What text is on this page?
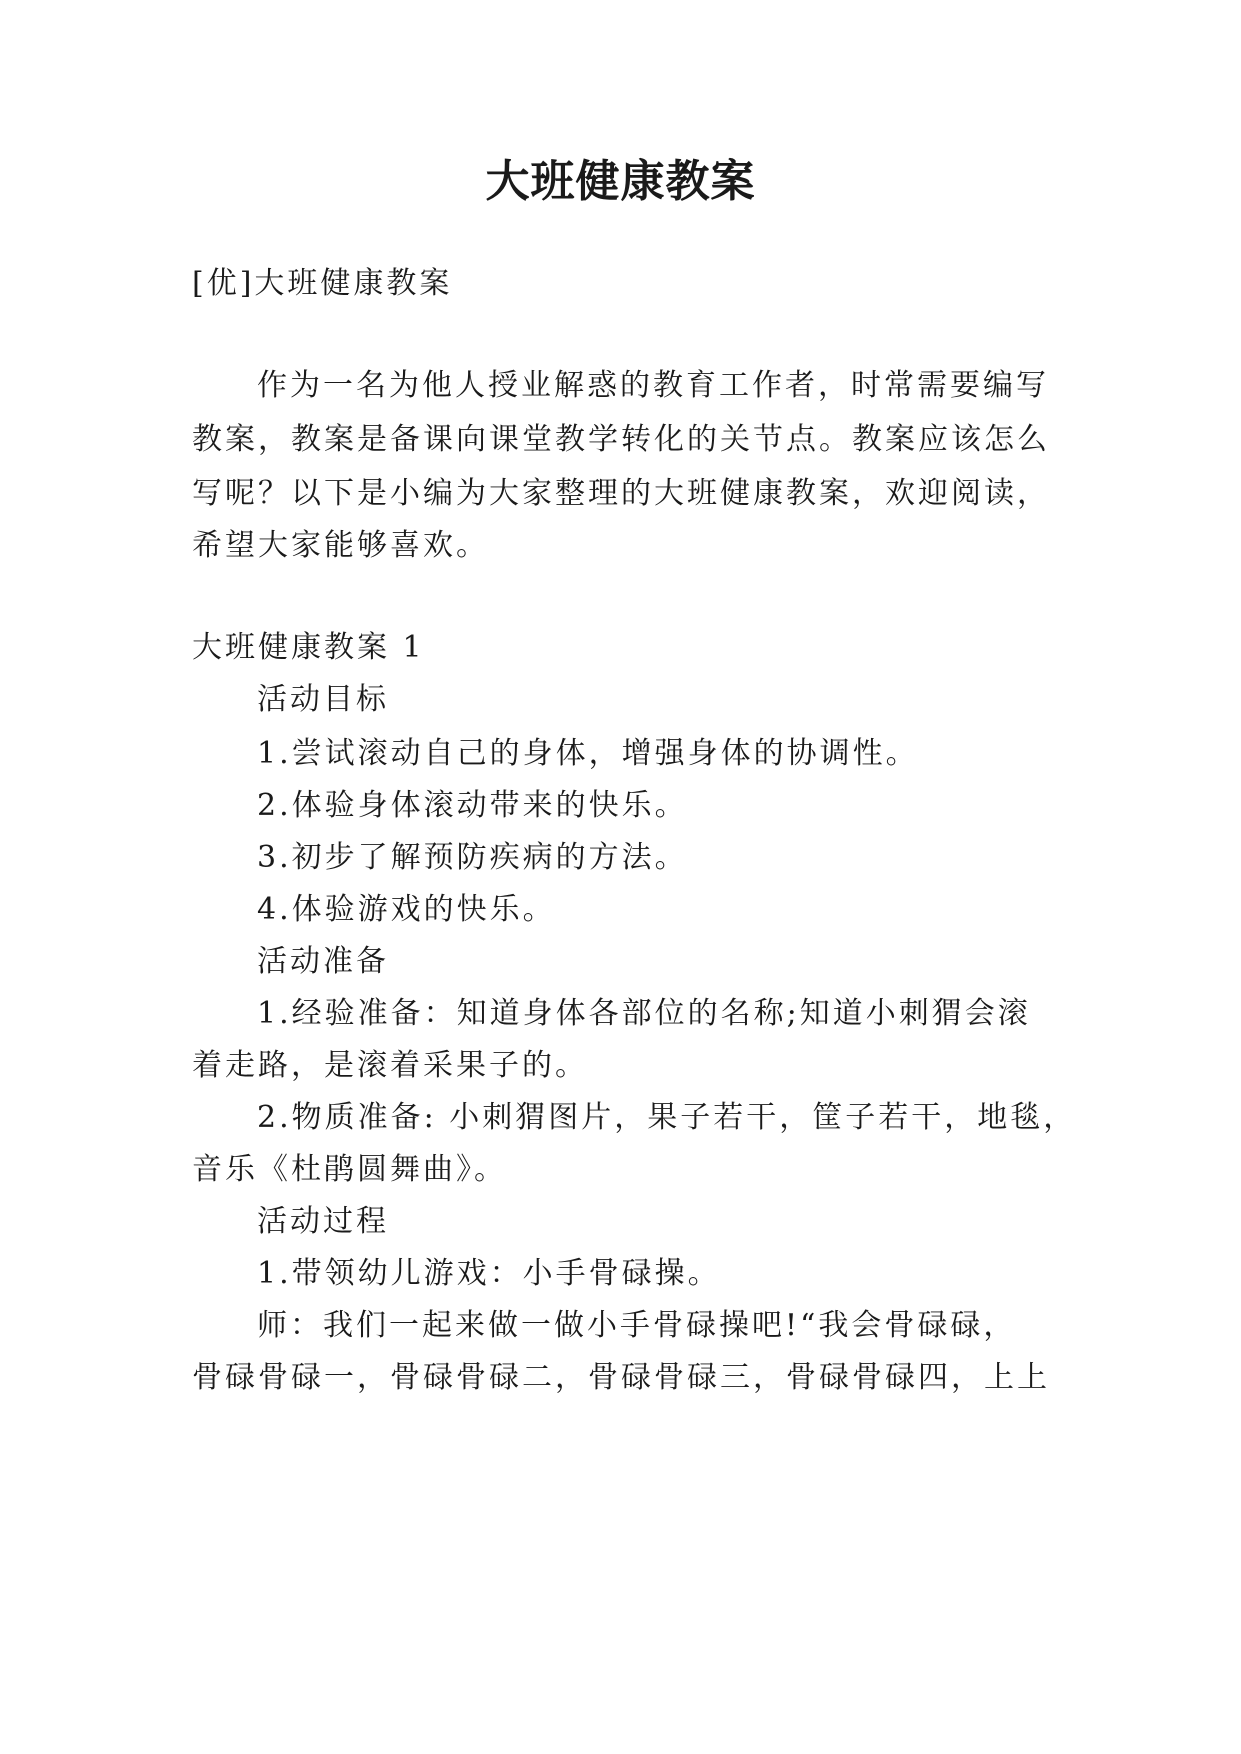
大班健康教案
[优]大班健康教案
作为一名为他人授业解惑的教育工作者，时常需要编写
教案，教案是备课向课堂教学转化的关节点。教案应该怎么
写呢？以下是小编为大家整理的大班健康教案，欢迎阅读，
希望大家能够喜欢。
大班健康教案 1
活动目标
1.尝试滚动自己的身体，增强身体的协调性。
2.体验身体滚动带来的快乐。
3.初步了解预防疾病的方法。
4.体验游戏的快乐。
活动准备
1.经验准备：知道身体各部位的名称;知道小刺猬会滚
着走路，是滚着采果子的。
2.物质准备: 小刺猬图片，果子若干，筐子若干，地毯，
音乐《杜鹃圆舞曲》。
活动过程
1.带领幼儿游戏：小手骨碌操。
师：我们一起来做一做小手骨碌操吧!“我会骨碌碌，
骨碌骨碌一，骨碌骨碌二，骨碌骨碌三，骨碌骨碌四，上上
